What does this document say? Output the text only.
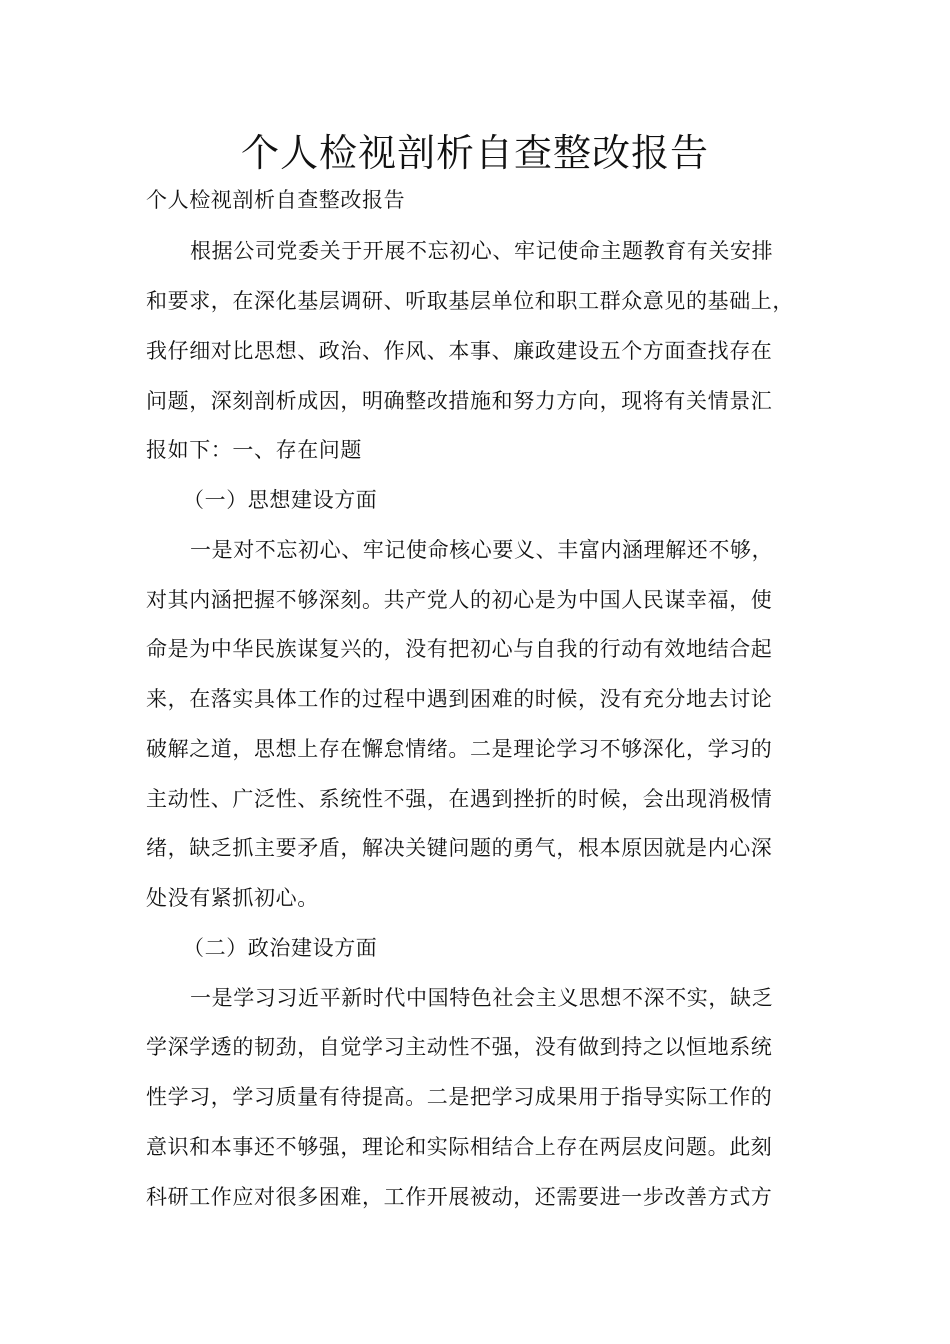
个人检视剖析自查整改报告
个人检视剖析自查整改报告
根据公司党委关于开展不忘初心、牢记使命主题教育有关安排
和要求，在深化基层调研、听取基层单位和职工群众意见的基础上，
我仔细对比思想、政治、作风、本事、廉政建设五个方面查找存在
问题，深刻剖析成因，明确整改措施和努力方向，现将有关情景汇
报如下：一、存在问题
（一）思想建设方面
一是对不忘初心、牢记使命核心要义、丰富内涵理解还不够，
对其内涵把握不够深刻。共产党人的初心是为中国人民谋幸福，使
命是为中华民族谋复兴的，没有把初心与自我的行动有效地结合起
来，在落实具体工作的过程中遇到困难的时候，没有充分地去讨论
破解之道，思想上存在懈怠情绪。二是理论学习不够深化，学习的
主动性、广泛性、系统性不强，在遇到挫折的时候，会出现消极情
绪，缺乏抓主要矛盾，解决关键问题的勇气，根本原因就是内心深
处没有紧抓初心。
（二）政治建设方面
一是学习习近平新时代中国特色社会主义思想不深不实，缺乏
学深学透的韧劲，自觉学习主动性不强，没有做到持之以恒地系统
性学习，学习质量有待提高。二是把学习成果用于指导实际工作的
意识和本事还不够强，理论和实际相结合上存在两层皮问题。此刻
科研工作应对很多困难，工作开展被动，还需要进一步改善方式方
